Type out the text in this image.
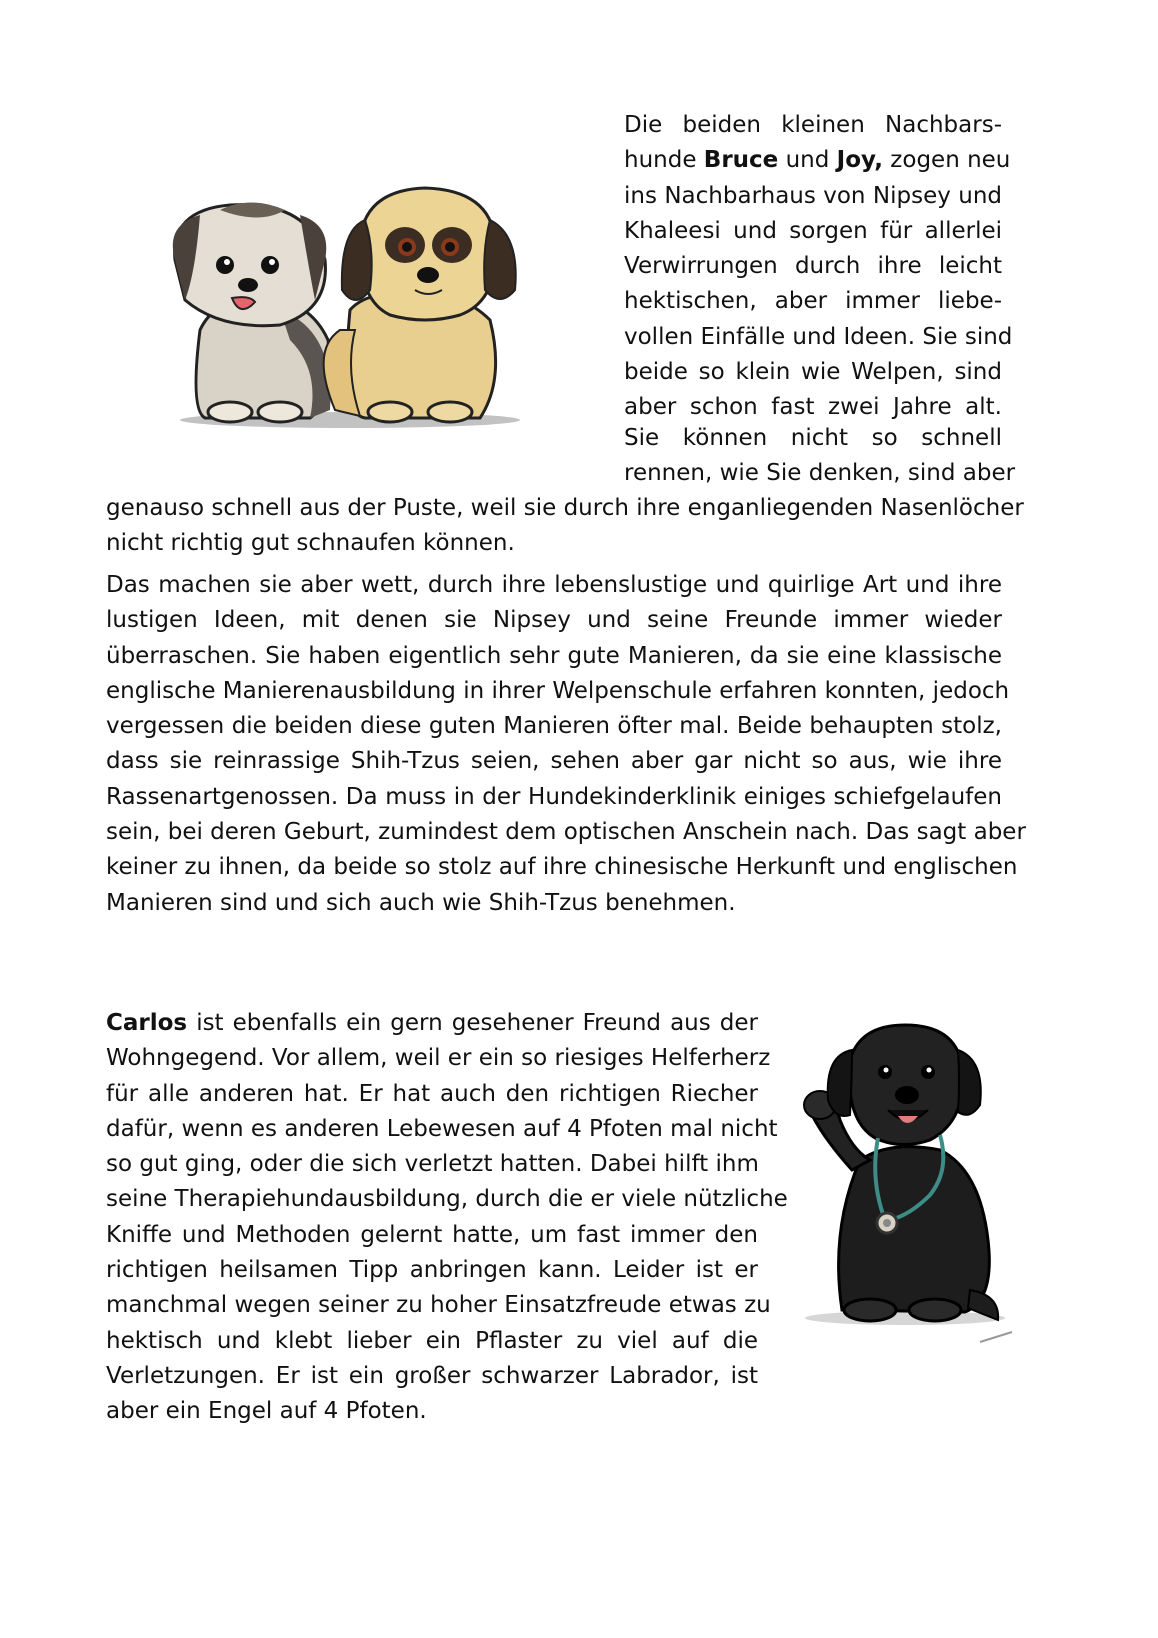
Die beiden kleinen Nachbars-
hunde Bruce und Joy, zogen neu
ins Nachbarhaus von Nipsey und
Khaleesi und sorgen für allerlei
Verwirrungen durch ihre leicht
hektischen, aber immer liebe-
vollen Einfälle und Ideen. Sie sind
beide so klein wie Welpen, sind
aber schon fast zwei Jahre alt.
Sie können nicht so schnell
rennen, wie Sie denken, sind aber
genauso schnell aus der Puste, weil sie durch ihre enganliegenden Nasenlöcher
nicht richtig gut schnaufen können.
Das machen sie aber wett, durch ihre lebenslustige und quirlige Art und ihre
lustigen Ideen, mit denen sie Nipsey und seine Freunde immer wieder
überraschen. Sie haben eigentlich sehr gute Manieren, da sie eine klassische
englische Manierenausbildung in ihrer Welpenschule erfahren konnten, jedoch
vergessen die beiden diese guten Manieren öfter mal. Beide behaupten stolz,
dass sie reinrassige Shih-Tzus seien, sehen aber gar nicht so aus, wie ihre
Rassenartgenossen. Da muss in der Hundekinderklinik einiges schiefgelaufen
sein, bei deren Geburt, zumindest dem optischen Anschein nach. Das sagt aber
keiner zu ihnen, da beide so stolz auf ihre chinesische Herkunft und englischen
Manieren sind und sich auch wie Shih-Tzus benehmen.
Carlos ist ebenfalls ein gern gesehener Freund aus der
Wohngegend. Vor allem, weil er ein so riesiges Helferherz
für alle anderen hat. Er hat auch den richtigen Riecher
dafür, wenn es anderen Lebewesen auf 4 Pfoten mal nicht
so gut ging, oder die sich verletzt hatten. Dabei hilft ihm
seine Therapiehundausbildung, durch die er viele nützliche
Kniffe und Methoden gelernt hatte, um fast immer den
richtigen heilsamen Tipp anbringen kann. Leider ist er
manchmal wegen seiner zu hoher Einsatzfreude etwas zu
hektisch und klebt lieber ein Pflaster zu viel auf die
Verletzungen. Er ist ein großer schwarzer Labrador, ist
aber ein Engel auf 4 Pfoten.
